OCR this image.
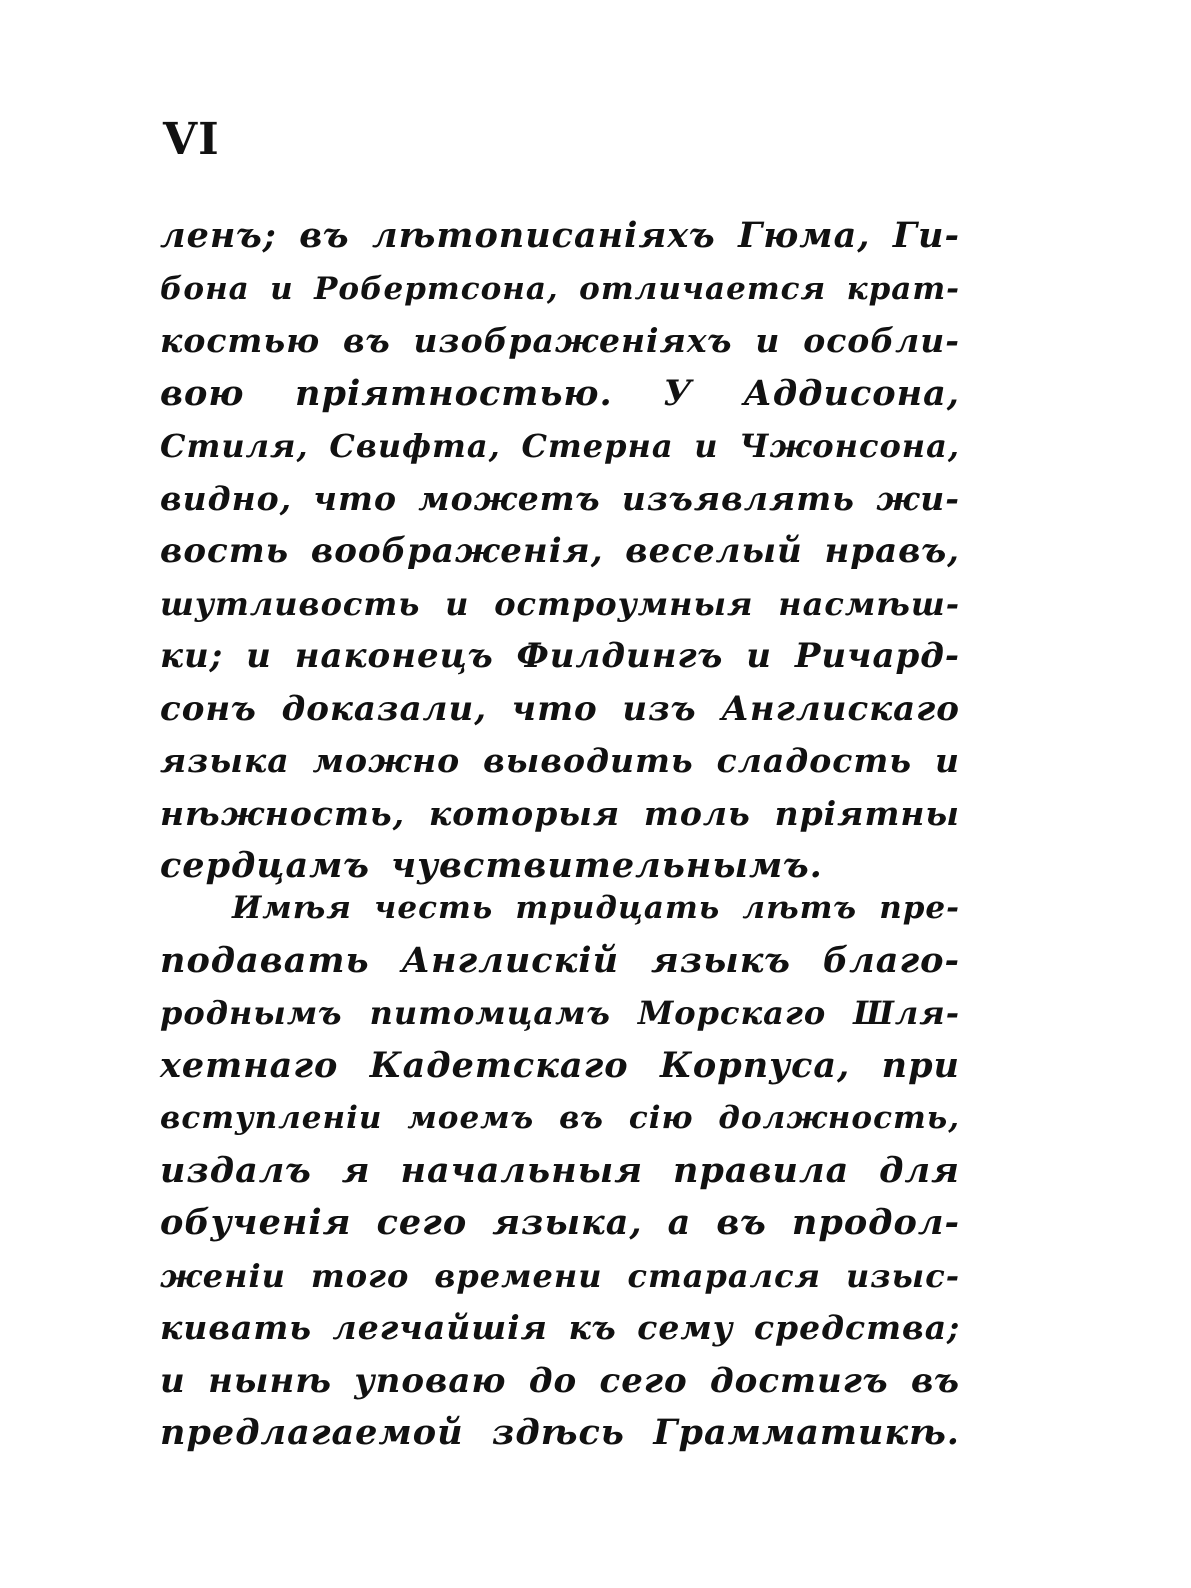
VI
ленъ; въ лѣтописаніяхъ Гюма, Ги-
бона и Робертсона, отличается крат-
костью въ изображеніяхъ и особли-
вою пріятностью. У Аддисона,
Стиля, Свифта, Стерна и Чжонсона,
видно, что можетъ изъявлять жи-
вость воображенія, веселый нравъ,
шутливость и остроумныя насмѣш-
ки; и наконецъ Филдингъ и Ричард-
сонъ доказали, что изъ Англискаго
языка можно выводить сладость и
нѣжность, которыя толь пріятны
сердцамъ чувствительнымъ.
Имѣя честь тридцать лѣтъ пре-
подавать Англискій языкъ благо-
роднымъ питомцамъ Морскаго Шля-
хетнаго Кадетскаго Корпуса, при
вступленіи моемъ въ сію должность,
издалъ я начальныя правила для
обученія сего языка, а въ продол-
женіи того времени старался изыс-
кивать легчайшія къ сему средства;
и нынѣ уповаю до сего достигъ въ
предлагаемой здѣсь Грамматикѣ.
